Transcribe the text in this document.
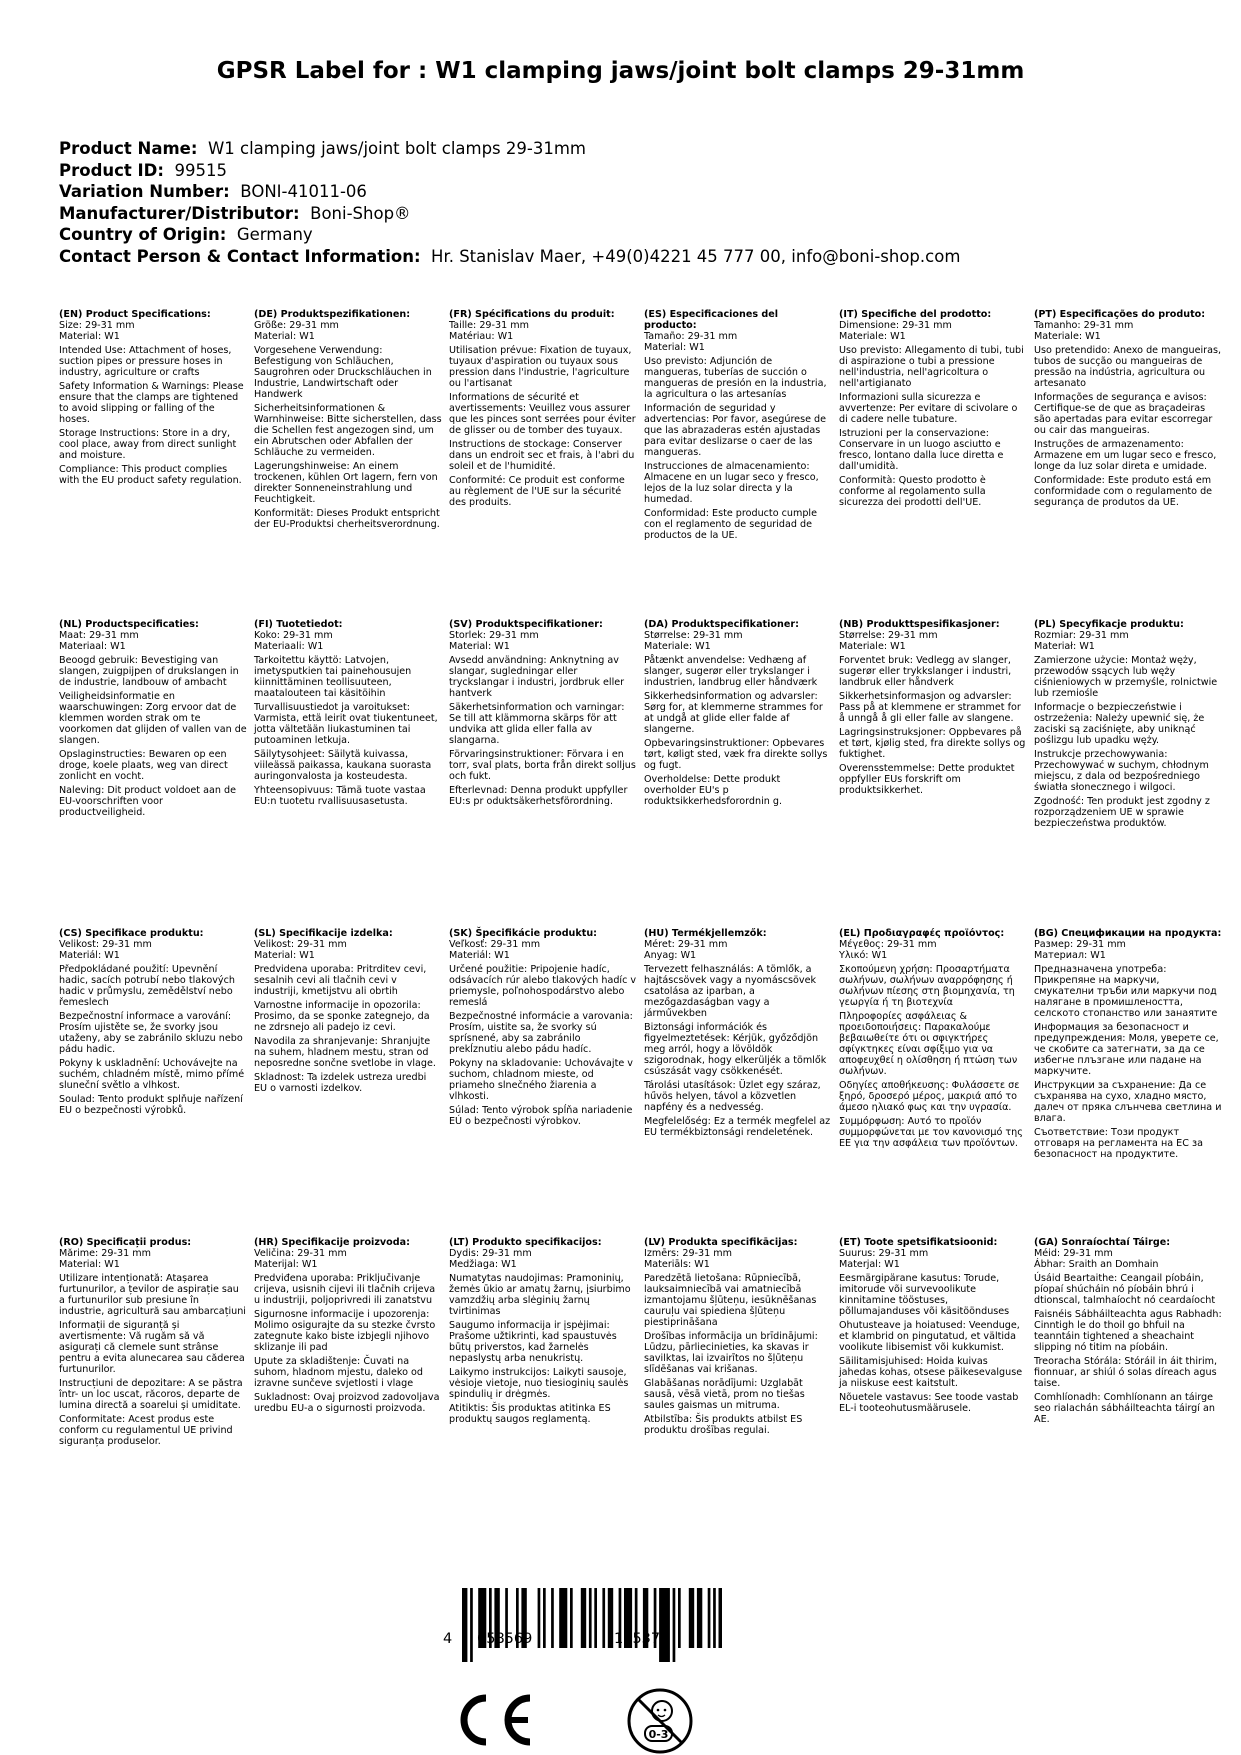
GPSR Label for : W1 clamping jaws/joint bolt clamps 29-31mm
Product Name: W1 clamping jaws/joint bolt clamps 29-31mm
Product ID: 99515
Variation Number: BONI-41011-06
Manufacturer/Distributor: Boni-Shop®
Country of Origin: Germany
Contact Person & Contact Information: Hr. Stanislav Maer, +49(0)4221 45 777 00, info@boni-shop.com
(EN) Product Specifications:

Size: 29-31 mm

Material: W1

Intended Use: Attachment of hoses, suction pipes or pressure hoses in industry, agriculture or crafts

Safety Information & Warnings: Please ensure that the clamps are tightened to avoid slipping or falling of the hoses.

Storage Instructions: Store in a dry, cool place, away from direct sunlight and moisture.

Compliance: This product complies with the EU product safety regulation.

(DE) Produktspezifikationen:

Größe: 29-31 mm

Material: W1

Vorgesehene Verwendung: Befestigung von Schläuchen, Saugrohren oder Druckschläuchen in Industrie, Landwirtschaft oder Handwerk

Sicherheitsinformationen & Warnhinweise: Bitte sicherstellen, dass die Schellen fest angezogen sind, um ein Abrutschen oder Abfallen der Schläuche zu vermeiden.

Lagerungshinweise: An einem trockenen, kühlen Ort lagern, fern von direkter Sonneneinstrahlung und Feuchtigkeit.

Konformität: Dieses Produkt entspricht der EU-Produktsi cherheitsverordnung.

(FR) Spécifications du produit:

Taille: 29-31 mm

Matériau: W1

Utilisation prévue: Fixation de tuyaux, tuyaux d'aspiration ou tuyaux sous pression dans l'industrie, l'agriculture ou l'artisanat

Informations de sécurité et avertissements: Veuillez vous assurer que les pinces sont serrées pour éviter de glisser ou de tomber des tuyaux.

Instructions de stockage: Conserver dans un endroit sec et frais, à l'abri du soleil et de l'humidité.

Conformité: Ce produit est conforme au règlement de l'UE sur la sécurité des produits.

(ES) Especificaciones del producto:

Tamaño: 29-31 mm

Material: W1

Uso previsto: Adjunción de mangueras, tuberías de succión o mangueras de presión en la industria, la agricultura o las artesanías

Información de seguridad y advertencias: Por favor, asegúrese de que las abrazaderas estén ajustadas para evitar deslizarse o caer de las mangueras.

Instrucciones de almacenamiento: Almacene en un lugar seco y fresco, lejos de la luz solar directa y la humedad.

Conformidad: Este producto cumple con el reglamento de seguridad de productos de la UE.

(IT) Specifiche del prodotto:

Dimensione: 29-31 mm

Materiale: W1

Uso previsto: Allegamento di tubi, tubi di aspirazione o tubi a pressione nell'industria, nell'agricoltura o nell'artigianato

Informazioni sulla sicurezza e avvertenze: Per evitare di scivolare o di cadere nelle tubature.

Istruzioni per la conservazione: Conservare in un luogo asciutto e fresco, lontano dalla luce diretta e dall'umidità.

Conformità: Questo prodotto è conforme al regolamento sulla sicurezza dei prodotti dell'UE.

(PT) Especificações do produto:

Tamanho: 29-31 mm

Materiale: W1

Uso pretendido: Anexo de mangueiras, tubos de sucção ou mangueiras de pressão na indústria, agricultura ou artesanato

Informações de segurança e avisos: Certifique-se de que as braçadeiras são apertadas para evitar escorregar ou cair das mangueiras.

Instruções de armazenamento: Armazene em um lugar seco e fresco, longe da luz solar direta e umidade.

Conformidade: Este produto está em conformidade com o regulamento de segurança de produtos da UE.

(NL) Productspecificaties:

Maat: 29-31 mm

Materiaal: W1

Beoogd gebruik: Bevestiging van slangen, zuigpijpen of drukslangen in de industrie, landbouw of ambacht

Veiligheidsinformatie en waarschuwingen: Zorg ervoor dat de klemmen worden strak om te voorkomen dat glijden of vallen van de slangen.

Opslaginstructies: Bewaren op een droge, koele plaats, weg van direct zonlicht en vocht.

Naleving: Dit product voldoet aan de EU-voorschriften voor productveiligheid.

(FI) Tuotetiedot:

Koko: 29-31 mm

Materiaali: W1

Tarkoitettu käyttö: Latvojen, imetysputkien tai painehousujen kiinnittäminen teollisuuteen, maatalouteen tai käsitöihin

Turvallisuustiedot ja varoitukset: Varmista, että leirit ovat tiukentuneet, jotta vältetään liukastuminen tai putoaminen letkuja.

Säilytysohjeet: Säilytä kuivassa, viileässä paikassa, kaukana suorasta auringonvalosta ja kosteudesta.

Yhteensopivuus: Tämä tuote vastaa EU:n tuotetu rvallisuusasetusta.

(SV) Produktspecifikationer:

Storlek: 29-31 mm

Material: W1

Avsedd användning: Anknytning av slangar, sugledningar eller tryckslangar i industri, jordbruk eller hantverk

Säkerhetsinformation och varningar: Se till att klämmorna skärps för att undvika att glida eller falla av slangarna.

Förvaringsinstruktioner: Förvara i en torr, sval plats, borta från direkt solljus och fukt.

Efterlevnad: Denna produkt uppfyller EU:s pr oduktsäkerhetsförordning.

(DA) Produktspecifikationer:

Størrelse: 29-31 mm

Materiale: W1

Påtænkt anvendelse: Vedhæng af slanger, sugerør eller trykslanger i industrien, landbrug eller håndværk

Sikkerhedsinformation og advarsler: Sørg for, at klemmerne strammes for at undgå at glide eller falde af slangerne.

Opbevaringsinstruktioner: Opbevares tørt, køligt sted, væk fra direkte sollys og fugt.

Overholdelse: Dette produkt overholder EU's p roduktsikkerhedsforordnin g.

(NB) Produkttspesifikasjoner:

Størrelse: 29-31 mm

Materiale: W1

Forventet bruk: Vedlegg av slanger, sugerør eller trykkslanger i industri, landbruk eller håndverk

Sikkerhetsinformasjon og advarsler: Pass på at klemmene er strammet for å unngå å gli eller falle av slangene.

Lagringsinstruksjoner: Oppbevares på et tørt, kjølig sted, fra direkte sollys og fuktighet.

Overensstemmelse: Dette produktet oppfyller EUs forskrift om produktsikkerhet.

(PL) Specyfikacje produktu:

Rozmiar: 29-31 mm

Materiał: W1

Zamierzone użycie: Montaż węży, przewodów ssących lub węży ciśnieniowych w przemyśle, rolnictwie lub rzemiośle

Informacje o bezpieczeństwie i ostrzeżenia: Należy upewnić się, że zaciski są zaciśnięte, aby uniknąć poślizgu lub upadku węży.

Instrukcje przechowywania: Przechowywać w suchym, chłodnym miejscu, z dala od bezpośredniego światła słonecznego i wilgoci.

Zgodność: Ten produkt jest zgodny z rozporządzeniem UE w sprawie bezpieczeństwa produktów.

(CS) Specifikace produktu:

Velikost: 29-31 mm

Materiál: W1

Předpokládané použití: Upevnění hadic, sacích potrubí nebo tlakových hadic v průmyslu, zemědělství nebo řemeslech

Bezpečnostní informace a varování: Prosím ujistěte se, že svorky jsou utaženy, aby se zabránilo skluzu nebo pádu hadic.

Pokyny k uskladnění: Uchovávejte na suchém, chladném místě, mimo přímé sluneční světlo a vlhkost.

Soulad: Tento produkt splňuje nařízení EU o bezpečnosti výrobků.

(SL) Specifikacije izdelka:

Velikost: 29-31 mm

Material: W1

Predvidena uporaba: Pritrditev cevi, sesalnih cevi ali tlačnih cevi v industriji, kmetijstvu ali obrtih

Varnostne informacije in opozorila: Prosimo, da se sponke zategnejo, da ne zdrsnejo ali padejo iz cevi.

Navodila za shranjevanje: Shranjujte na suhem, hladnem mestu, stran od neposredne sončne svetlobe in vlage.

Skladnost: Ta izdelek ustreza uredbi EU o varnosti izdelkov.

(SK) Špecifikácie produktu:

Veľkosť: 29-31 mm

Materiál: W1

Určené použitie: Pripojenie hadíc, odsávacích rúr alebo tlakových hadíc v priemysle, poľnohospodárstvo alebo remeslá

Bezpečnostné informácie a varovania: Prosím, uistite sa, že svorky sú sprísnené, aby sa zabránilo prekĺznutiu alebo pádu hadíc.

Pokyny na skladovanie: Uchovávajte v suchom, chladnom mieste, od priameho slnečného žiarenia a vlhkosti.

Súlad: Tento výrobok spĺňa nariadenie EÚ o bezpečnosti výrobkov.

(HU) Termékjellemzők:

Méret: 29-31 mm

Anyag: W1

Tervezett felhasználás: A tömlők, a hajtáscsövek vagy a nyomáscsövek csatolása az iparban, a mezőgazdaságban vagy a járművekben

Biztonsági információk és figyelmeztetések: Kérjük, győződjön meg arról, hogy a lövöldök szigorodnak, hogy elkerüljék a tömlők csúszását vagy csökkenését.

Tárolási utasítások: Üzlet egy száraz, hűvös helyen, távol a közvetlen napfény és a nedvesség.

Megfelelőség: Ez a termék megfelel az EU termékbiztonsági rendeletének.

(EL) Προδιαγραφές προϊόντος:

Μέγεθος: 29-31 mm

Υλικό: W1

Σκοπούμενη χρήση: Προσαρτήματα σωλήνων, σωλήνων αναρρόφησης ή σωλήνων πίεσης στη βιομηχανία, τη γεωργία ή τη βιοτεχνία

Πληροφορίες ασφάλειας & προειδοποιήσεις: Παρακαλούμε βεβαιωθείτε ότι οι σφιγκτήρες σφίγκτηκες είναι σφίξιμο για να αποφευχθεί η ολίσθηση ή πτώση των σωλήνων.

Οδηγίες αποθήκευσης: Φυλάσσετε σε ξηρό, δροσερό μέρος, μακριά από το άμεσο ηλιακό φως και την υγρασία.

Συμμόρφωση: Αυτό το προϊόν συμμορφώνεται με τον κανονισμό της ΕΕ για την ασφάλεια των προϊόντων.

(BG) Спецификации на продукта:

Размер: 29-31 mm

Материал: W1

Предназначена употреба: Прикрепяне на маркучи, смукателни тръби или маркучи под налягане в промишлеността, селското стопанство или занаятите

Информация за безопасност и предупреждения: Моля, уверете се, че скобите са затегнати, за да се избегне плъзгане или падане на маркучите.

Инструкции за съхранение: Да се съхранява на сухо, хладно място, далеч от пряка слънчева светлина и влага.

Съответствие: Този продукт отговаря на регламента на ЕС за безопасност на продуктите.

(RO) Specificații produs:

Mărime: 29-31 mm

Material: W1

Utilizare intenționată: Atașarea furtunurilor, a țevilor de aspirație sau a furtunurilor sub presiune în industrie, agricultură sau ambarcațiuni

Informații de siguranță și avertismente: Vă rugăm să vă asigurați că clemele sunt strânse pentru a evita alunecarea sau căderea furtunurilor.

Instrucțiuni de depozitare: A se păstra într- un loc uscat, răcoros, departe de lumina directă a soarelui și umiditate.

Conformitate: Acest produs este conform cu regulamentul UE privind siguranța produselor.

(HR) Specifikacije proizvoda:

Veličina: 29-31 mm

Materijal: W1

Predviđena uporaba: Priključivanje crijeva, usisnih cijevi ili tlačnih crijeva u industriji, poljoprivredi ili zanatstvu

Sigurnosne informacije i upozorenja: Molimo osigurajte da su stezke čvrsto zategnute kako biste izbjegli njihovo sklizanje ili pad

Upute za skladištenje: Čuvati na suhom, hladnom mjestu, daleko od izravne sunčeve svjetlosti i vlage

Sukladnost: Ovaj proizvod zadovoljava uredbu EU-a o sigurnosti proizvoda.

(LT) Produkto specifikacijos:

Dydis: 29-31 mm

Medžiaga: W1

Numatytas naudojimas: Pramoninių, žemės ūkio ar amatų žarnų, įsiurbimo vamzdžių arba slėginių žarnų tvirtinimas

Saugumo informacija ir įspėjimai: Prašome užtikrinti, kad spaustuvės būtų priverstos, kad žarnelės nepaslystų arba nenukristų.

Laikymo instrukcijos: Laikyti sausoje, vėsioje vietoje, nuo tiesioginių saulės spindulių ir drėgmės.

Atitiktis: Šis produktas atitinka ES produktų saugos reglamentą.

(LV) Produkta specifikācijas:

Izmērs: 29-31 mm

Materiāls: W1

Paredzētā lietošana: Rūpniecībā, lauksaimniecībā vai amatniecībā izmantojamu šļūteņu, iesūknēšanas cauruļu vai spiediena šļūteņu piestiprināšana

Drošības informācija un brīdinājumi: Lūdzu, pārliecinieties, ka skavas ir savilktas, lai izvairītos no šļūteņu slīdēšanas vai krišanas.

Glabāšanas norādījumi: Uzglabāt sausā, vēsā vietā, prom no tiešas saules gaismas un mitruma.

Atbilstība: Šis produkts atbilst ES produktu drošības regulai.

(ET) Toote spetsifikatsioonid:

Suurus: 29-31 mm

Materjal: W1

Eesmärgipärane kasutus: Torude, imitorude või survevoolikute kinnitamine tööstuses, põllumajanduses või käsitöönduses

Ohutusteave ja hoiatused: Veenduge, et klambrid on pingutatud, et vältida voolikute libisemist või kukkumist.

Säilitamisjuhised: Hoida kuivas jahedas kohas, otsese päikesevalguse ja niiskuse eest kaitstult.

Nõuetele vastavus: See toode vastab EL-i tooteohutusmäärusele.

(GA) Sonraíochtaí Táirge:

Méid: 29-31 mm

Ábhar: Sraith an Domhain

Úsáid Beartaithe: Ceangail píobáin, píopaí shúcháin nó píobáin bhrú i dtionscal, talmhaíocht nó ceardaíocht

Faisnéis Sábháilteachta agus Rabhadh: Cinntigh le do thoil go bhfuil na teanntáin tightened a sheachaint slipping nó titim na píobáin.

Treoracha Stórála: Stóráil in áit thirim, fionnuar, ar shiúl ó solas díreach agus taise.

Comhlíonadh: Comhlíonann an táirge seo rialachán sábháilteachta táirgí an AE.

4 058569	105373
0-3
